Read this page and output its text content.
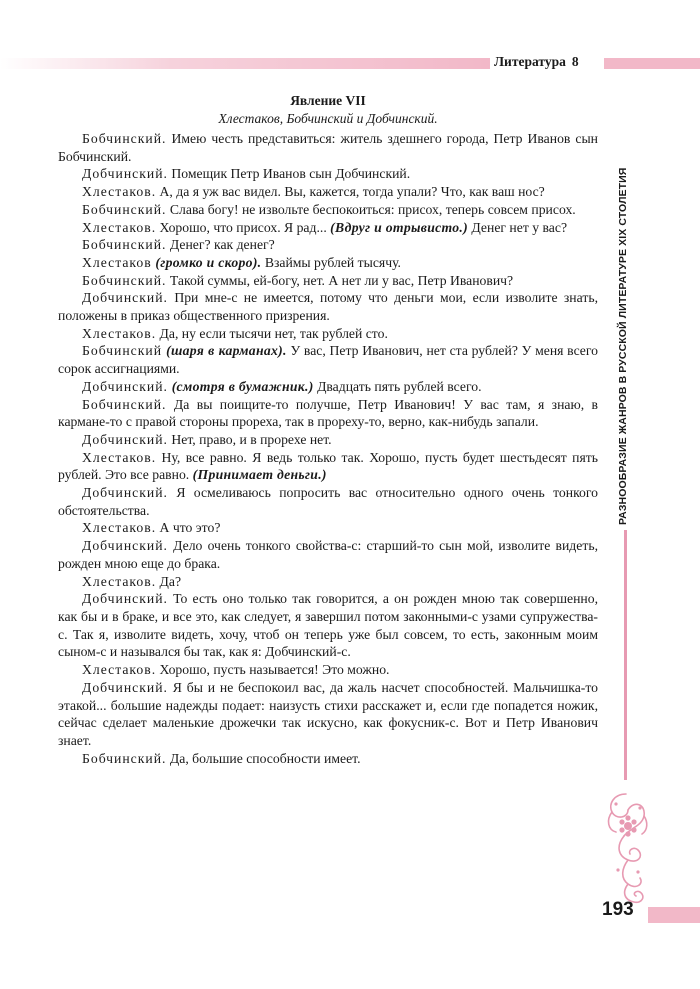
Литература 8
РАЗНООБРАЗИЕ ЖАНРОВ В РУССКОЙ ЛИТЕРАТУРЕ XIX СТОЛЕТИЯ

Явление VII

Хлестаков, Бобчинский и Добчинский.

Бобчинский. Имею честь представиться: житель здешнего города, Петр Иванов сын Бобчинский.

Добчинский. Помещик Петр Иванов сын Добчинский.

Хлестаков. А, да я уж вас видел. Вы, кажется, тогда упали? Что, как ваш нос?

Бобчинский. Слава богу! не извольте беспокоиться: присох, теперь совсем присох.

Хлестаков. Хорошо, что присох. Я рад... (Вдруг и отрывисто.) Денег нет у вас?

Бобчинский. Денег? как денег?

Хлестаков (громко и скоро). Взаймы рублей тысячу.

Бобчинский. Такой суммы, ей-богу, нет. А нет ли у вас, Петр Иванович?

Добчинский. При мне-с не имеется, потому что деньги мои, если изволите знать, положены в приказ общественного призрения.

Хлестаков. Да, ну если тысячи нет, так рублей сто.

Бобчинский (шаря в карманах). У вас, Петр Иванович, нет ста рублей? У меня всего сорок ассигнациями.

Добчинский. (смотря в бумажник.) Двадцать пять рублей всего.

Бобчинский. Да вы поищите-то получше, Петр Иванович! У вас там, я знаю, в кармане-то с правой стороны прореха, так в прореху-то, верно, как-нибудь запали.

Добчинский. Нет, право, и в прорехе нет.

Хлестаков. Ну, все равно. Я ведь только так. Хорошо, пусть будет шестьдесят пять рублей. Это все равно. (Принимает деньги.)

Добчинский. Я осмеливаюсь попросить вас относительно одного очень тонкого обстоятельства.

Хлестаков. А что это?

Добчинский. Дело очень тонкого свойства-с: старший-то сын мой, изволите видеть, рожден мною еще до брака.

Хлестаков. Да?

Добчинский. То есть оно только так говорится, а он рожден мною так совершенно, как бы и в браке, и все это, как следует, я завершил потом законными-с узами супружества-с. Так я, изволите видеть, хочу, чтоб он теперь уже был совсем, то есть, законным моим сыном-с и назывался бы так, как я: Добчинский-с.

Хлестаков. Хорошо, пусть называется! Это можно.

Добчинский. Я бы и не беспокоил вас, да жаль насчет способностей. Мальчишка-то этакой... большие надежды подает: наизусть стихи расскажет и, если где попадется ножик, сейчас сделает маленькие дрожечки так искусно, как фокусник-с. Вот и Петр Иванович знает.

Бобчинский. Да, большие способности имеет.

193
